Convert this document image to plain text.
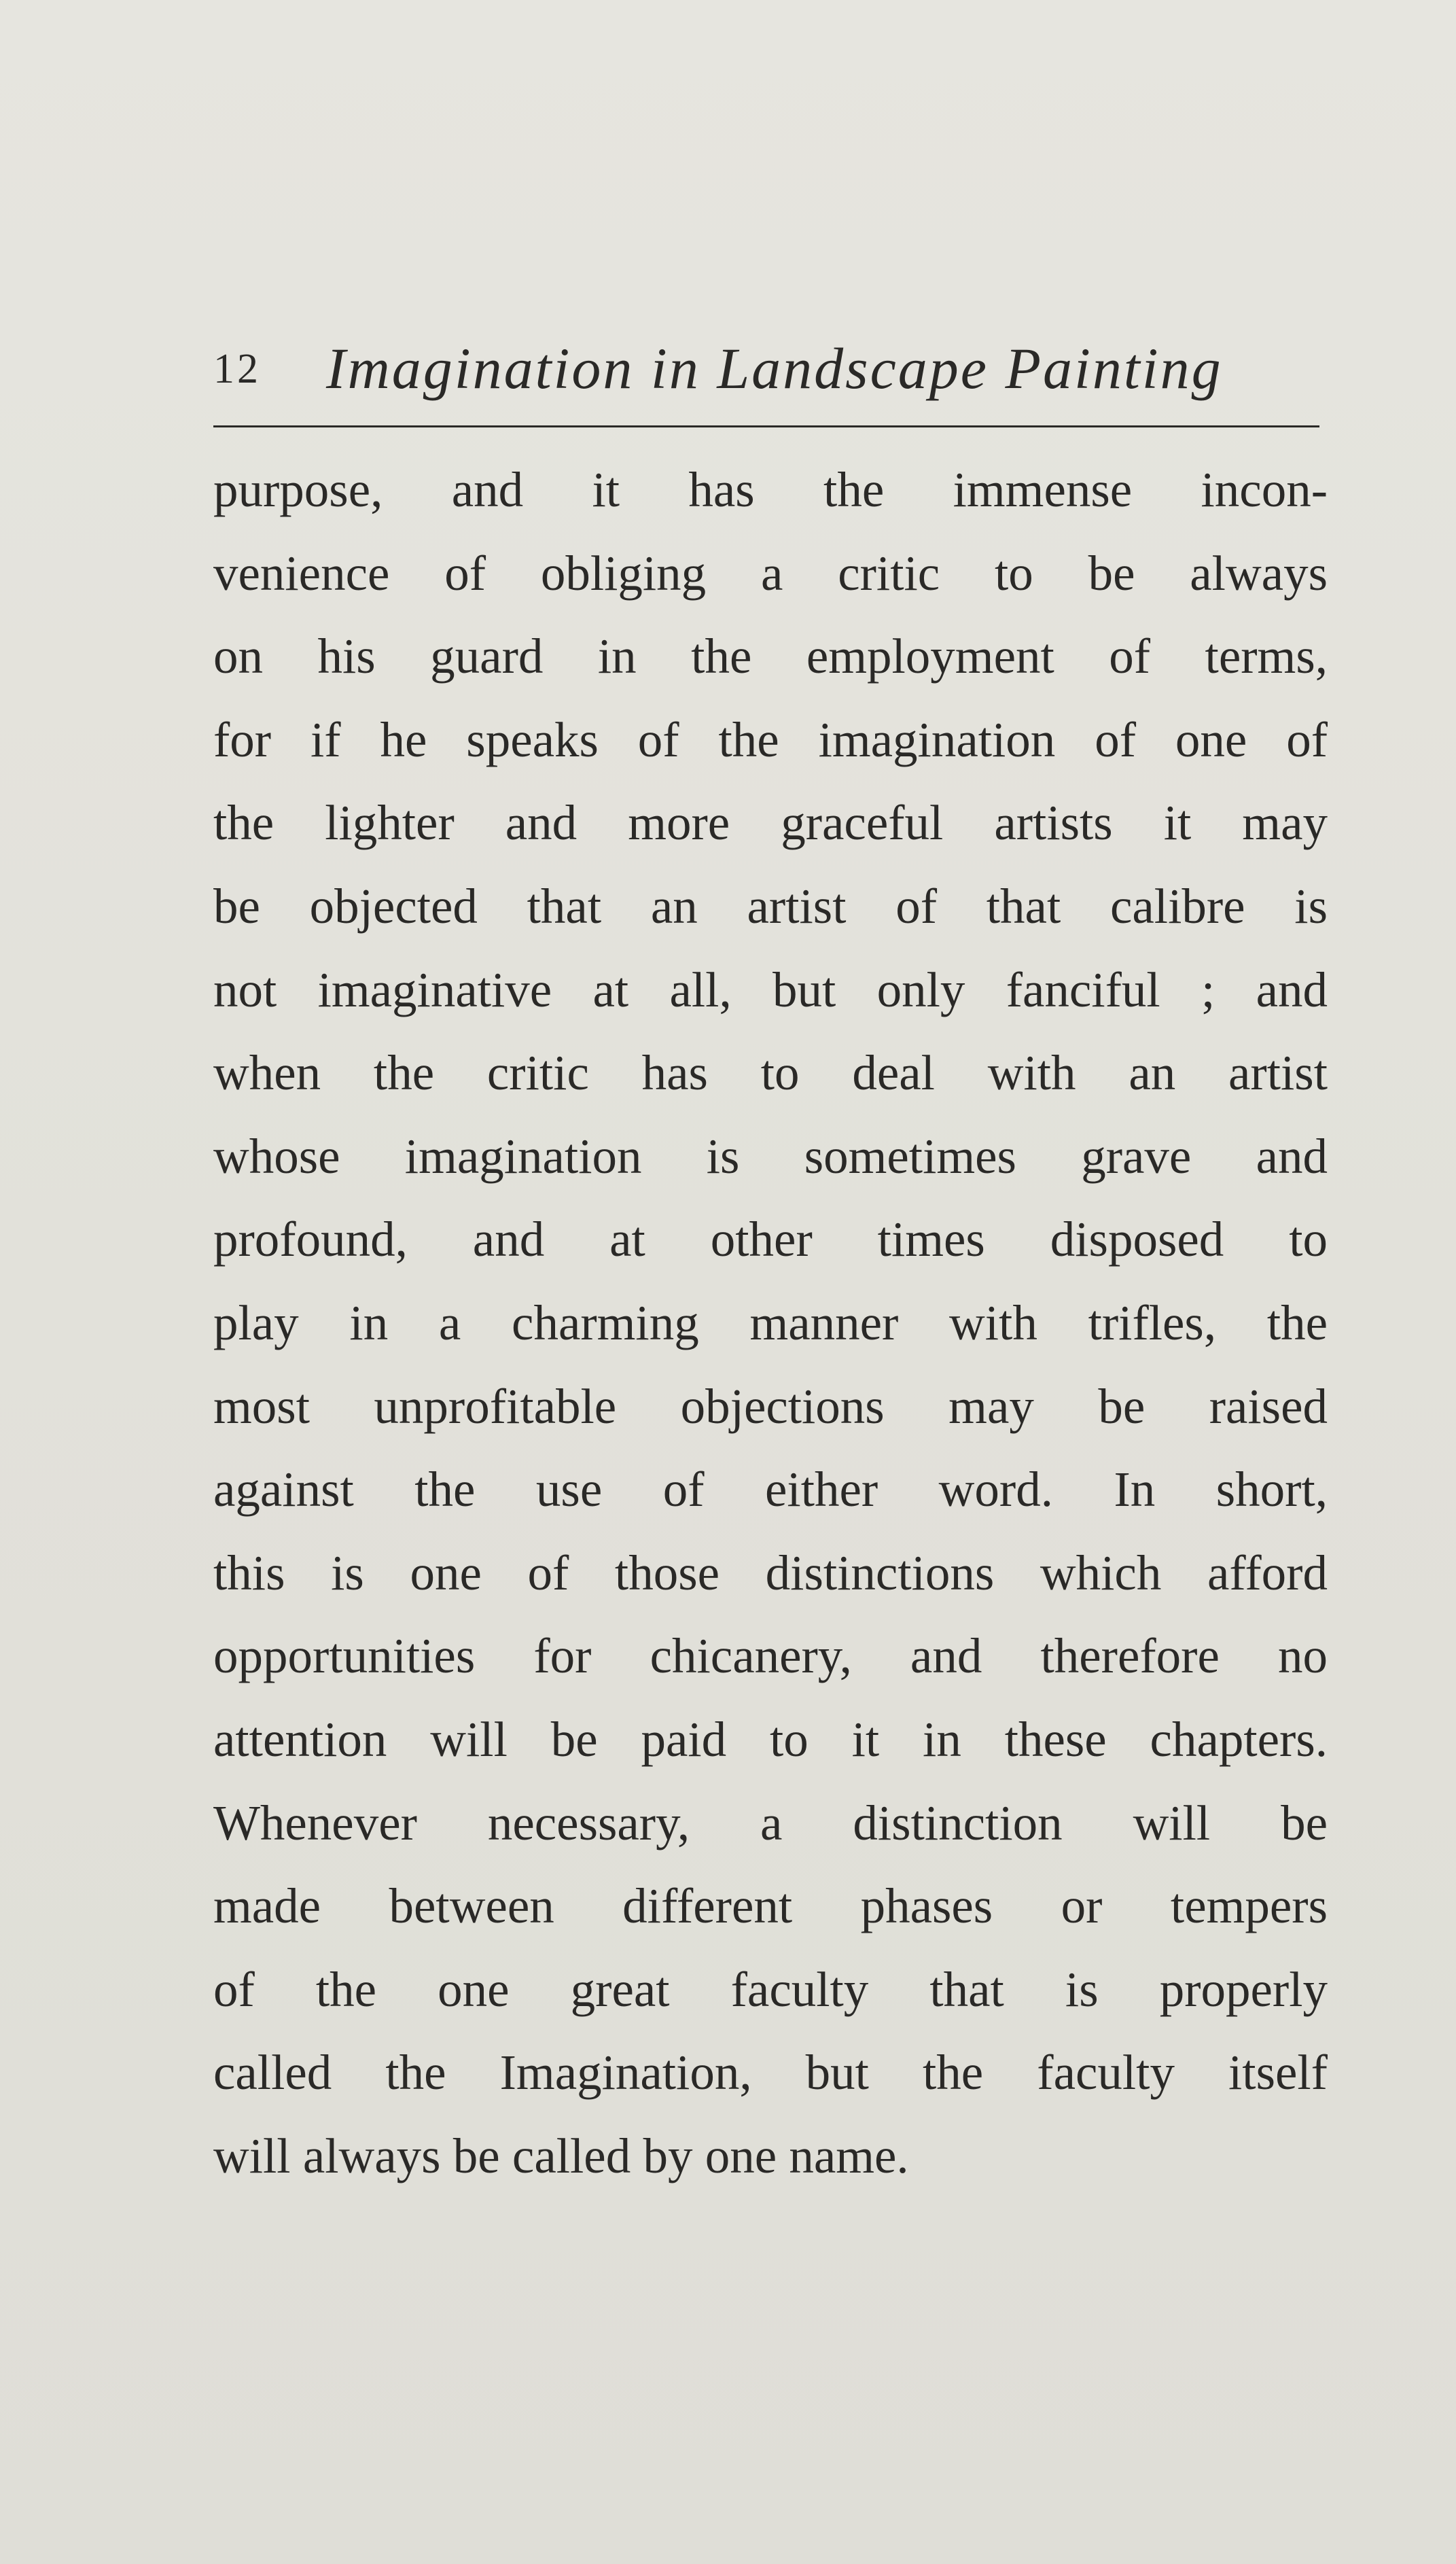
12 Imagination in Landscape Painting
purpose, and it has the immense incon-
venience of obliging a critic to be always
on his guard in the employment of terms,
for if he speaks of the imagination of one of
the lighter and more graceful artists it may
be objected that an artist of that calibre is
not imaginative at all, but only fanciful ; and
when the critic has to deal with an artist
whose imagination is sometimes grave and
profound, and at other times disposed to
play in a charming manner with trifles, the
most unprofitable objections may be raised
against the use of either word. In short,
this is one of those distinctions which afford
opportunities for chicanery, and therefore no
attention will be paid to it in these chapters.
Whenever necessary, a distinction will be
made between different phases or tempers
of the one great faculty that is properly
called the Imagination, but the faculty itself
will always be called by one name.
